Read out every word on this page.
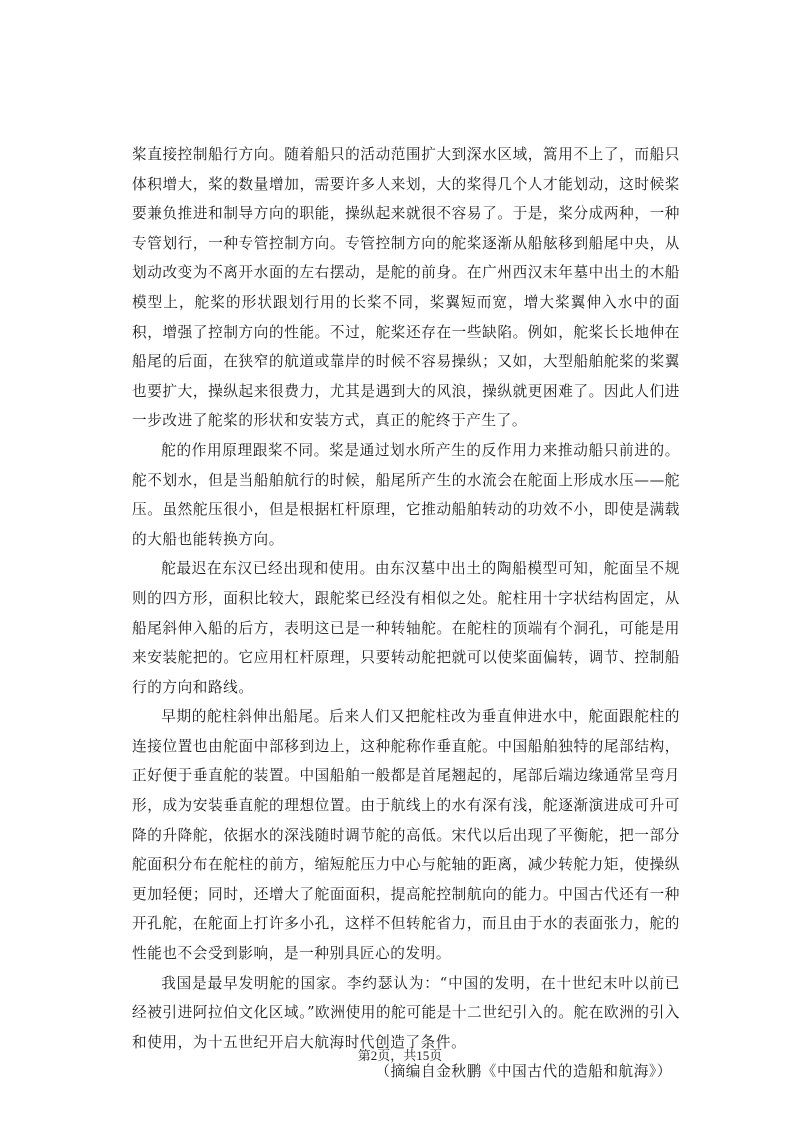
桨直接控制船行方向。随着船只的活动范围扩大到深水区域，篙用不上了，而船只体积增大，桨的数量增加，需要许多人来划，大的桨得几个人才能划动，这时候桨要兼负推进和制导方向的职能，操纵起来就很不容易了。于是，桨分成两种，一种专管划行，一种专管控制方向。专管控制方向的舵桨逐渐从船舷移到船尾中央，从划动改变为不离开水面的左右摆动，是舵的前身。在广州西汉末年墓中出土的木船模型上，舵桨的形状跟划行用的长桨不同，桨翼短而宽，增大桨翼伸入水中的面积，增强了控制方向的性能。不过，舵桨还存在一些缺陷。例如，舵桨长长地伸在船尾的后面，在狭窄的航道或靠岸的时候不容易操纵；又如，大型船舶舵桨的桨翼也要扩大，操纵起来很费力，尤其是遇到大的风浪，操纵就更困难了。因此人们进一步改进了舵桨的形状和安装方式，真正的舵终于产生了。

舵的作用原理跟桨不同。桨是通过划水所产生的反作用力来推动船只前进的。舵不划水，但是当船舶航行的时候，船尾所产生的水流会在舵面上形成水压——舵压。虽然舵压很小，但是根据杠杆原理，它推动船舶转动的功效不小，即使是满载的大船也能转换方向。

舵最迟在东汉已经出现和使用。由东汉墓中出土的陶船模型可知，舵面呈不规则的四方形，面积比较大，跟舵桨已经没有相似之处。舵柱用十字状结构固定，从船尾斜伸入船的后方，表明这已是一种转轴舵。在舵柱的顶端有个洞孔，可能是用来安装舵把的。它应用杠杆原理，只要转动舵把就可以使桨面偏转，调节、控制船行的方向和路线。

早期的舵柱斜伸出船尾。后来人们又把舵柱改为垂直伸进水中，舵面跟舵柱的连接位置也由舵面中部移到边上，这种舵称作垂直舵。中国船舶独特的尾部结构，正好便于垂直舵的装置。中国船舶一般都是首尾翘起的，尾部后端边缘通常呈弯月形，成为安装垂直舵的理想位置。由于航线上的水有深有浅，舵逐渐演进成可升可降的升降舵，依据水的深浅随时调节舵的高低。宋代以后出现了平衡舵，把一部分舵面积分布在舵柱的前方，缩短舵压力中心与舵轴的距离，减少转舵力矩，使操纵更加轻便；同时，还增大了舵面面积，提高舵控制航向的能力。中国古代还有一种开孔舵，在舵面上打许多小孔，这样不但转舵省力，而且由于水的表面张力，舵的性能也不会受到影响，是一种别具匠心的发明。

我国是最早发明舵的国家。李约瑟认为：“中国的发明，在十世纪末叶以前已经被引进阿拉伯文化区域。”欧洲使用的舵可能是十二世纪引入的。舵在欧洲的引入和使用，为十五世纪开启大航海时代创造了条件。

（摘编自金秋鹏《中国古代的造船和航海》）

第2页，共15页
